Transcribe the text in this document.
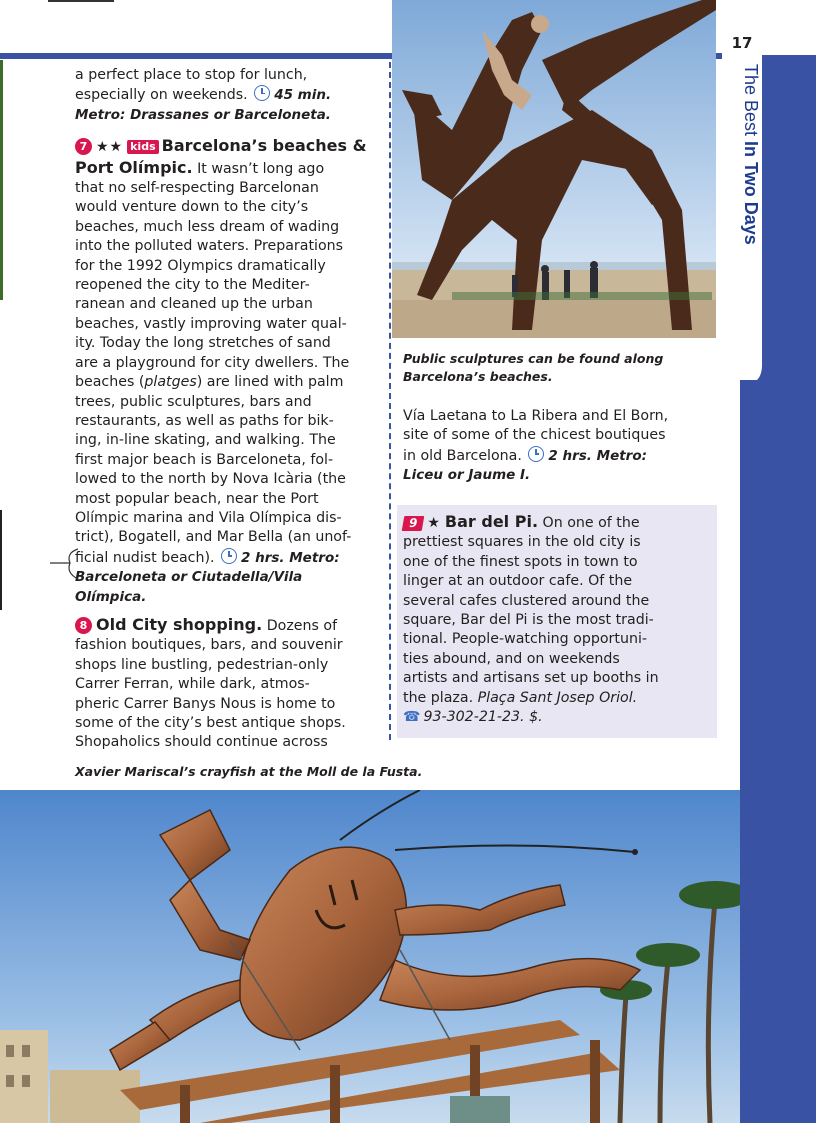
17
The Best In Two Days
a perfect place to stop for lunch,
especially on weekends. 45 min.
Metro: Drassanes or Barceloneta.
7 ★★ kids Barcelona’s beaches & Port Olímpic. It wasn’t long ago
that no self-respecting Barcelonan
would venture down to the city’s
beaches, much less dream of wading
into the polluted waters. Preparations
for the 1992 Olympics dramatically
reopened the city to the Mediter-
ranean and cleaned up the urban
beaches, vastly improving water qual-
ity. Today the long stretches of sand
are a playground for city dwellers. The
beaches (platges) are lined with palm
trees, public sculptures, bars and
restaurants, as well as paths for bik-
ing, in-line skating, and walking. The
first major beach is Barceloneta, fol-
lowed to the north by Nova Icària (the
most popular beach, near the Port
Olímpic marina and Vila Olímpica dis-
trict), Bogatell, and Mar Bella (an unof-
ficial nudist beach). 2 hrs. Metro:
Barceloneta or Ciutadella/Vila
Olímpica.
8 Old City shopping. Dozens of
fashion boutiques, bars, and souvenir
shops line bustling, pedestrian-only
Carrer Ferran, while dark, atmos-
pheric Carrer Banys Nous is home to
some of the city’s best antique shops.
Shopaholics should continue across
Public sculptures can be found along
Barcelona’s beaches.
Vía Laetana to La Ribera and El Born,
site of some of the chicest boutiques
in old Barcelona. 2 hrs. Metro:
Liceu or Jaume I.
9 ★ Bar del Pi. On one of the
prettiest squares in the old city is
one of the finest spots in town to
linger at an outdoor cafe. Of the
several cafes clustered around the
square, Bar del Pi is the most tradi-
tional. People-watching opportuni-
ties abound, and on weekends
artists and artisans set up booths in
the plaza. Plaça Sant Josep Oriol.
☎ 93-302-21-23. $.
Xavier Mariscal’s crayfish at the Moll de la Fusta.
